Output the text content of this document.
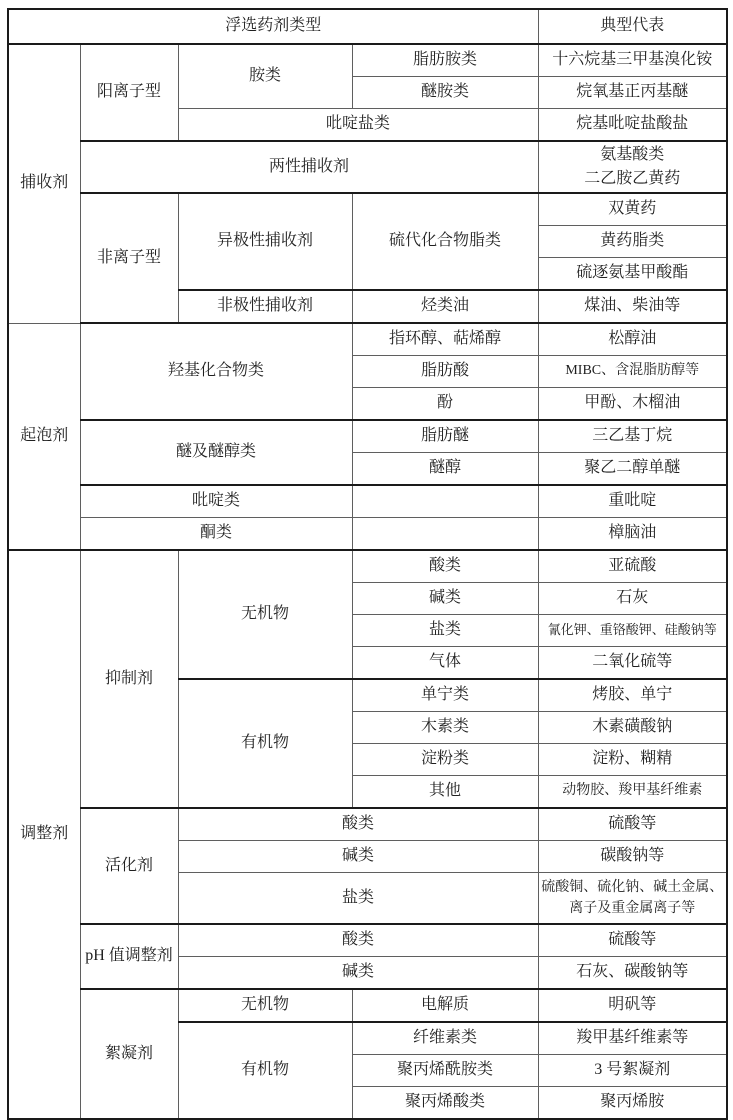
浮选药剂类型				典型代表
捕收剂	阳离子型	胺类	脂肪胺类	十六烷基三甲基溴化铵
			醚胺类	烷氧基正丙基醚
		吡啶盐类		烷基吡啶盐酸盐
	两性捕收剂			氨基酸类
二乙胺乙黄药

	非离子型	异极性捕收剂	硫代化合物脂类	双黄药
				黄药脂类
				硫逐氨基甲酸酯
		非极性捕收剂	烃类油	煤油、柴油等
起泡剂	羟基化合物类		指环醇、萜烯醇	松醇油
			脂肪酸	MIBC、含混脂肪醇等
			酚	甲酚、木榴油
	醚及醚醇类		脂肪醚	三乙基丁烷
			醚醇	聚乙二醇单醚
	吡啶类			重吡啶
	酮类			樟脑油
调整剂	抑制剂	无机物	酸类	亚硫酸
			碱类	石灰
			盐类	氰化钾、重铬酸钾、硅酸钠等
			气体	二氧化硫等
		有机物	单宁类	烤胶、单宁
			木素类	木素磺酸钠
			淀粉类	淀粉、糊精
			其他	动物胶、羧甲基纤维素
	活化剂	酸类		硫酸等
		碱类		碳酸钠等
		盐类		硫酸铜、硫化钠、碱土金属、
离子及重金属离子等

	pH 值调整剂	酸类		硫酸等
		碱类		石灰、碳酸钠等
	絮凝剂	无机物	电解质	明矾等
		有机物	纤维素类	羧甲基纤维素等
			聚丙烯酰胺类	3 号絮凝剂
			聚丙烯酸类	聚丙烯胺
